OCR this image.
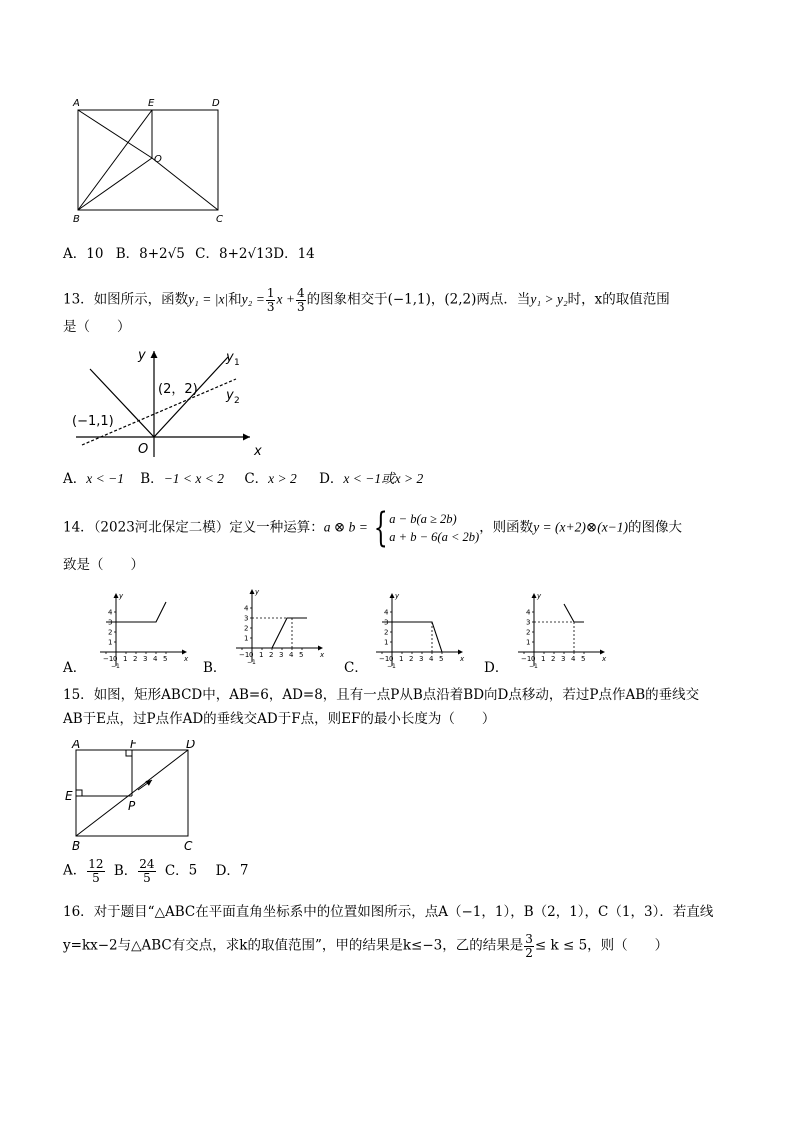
A	E	D
O
B	C
A．10 B．8+2√5 C．8+2√13D．14
13．如图所示，函数y₁ = |x|和$y_2 = \frac{1}{3}$ $x + \frac{4}{3}$ 的图象相交于(−1,1)，(2,2)两点．当y₁ > y₂时，x的取值范围
是（　　）
y
x
O
(−1,1)
(2，2)
y 1
y 2
A．x < −1 B．−1 < x < 2 C．x > 2 D．x < −1或x > 2
14．（2023河北保定二模）定义一种运算：a ⊗ b = { a − b(a ≥ 2b)
a + b − 6(a < 2b)
，则函数y = (x+2)⊗(x−1)的图像大
致是（　　）
A．	B．	C．	D．
y
x
4
3
2
1
−1 0 1 2 3 4 5
−1
y
x
4
3
2
1
−1 0 1 2 3 4 5
−1
y
x
4
3
2
1
−1 0 1 2 3 4 5
−1
y
x
4
3
2
1
−1 0 1 2 3 4 5
−1
15．如图，矩形ABCD中，AB=6，AD=8，且有一点P从B点沿着BD向D点移动，若过P点作AB的垂线交
AB于E点，过P点作AD的垂线交AD于F点，则EF的最小长度为（　　）
A	F	D
E
P
B	C
A． $\frac{12}{5}$ B． $\frac{24}{5}$ C．5 D．7
16．对于题目“△ABC在平面直角坐标系中的位置如图所示，点A（−1，1），B（2，1），C（1，3）．若直线
y=kx−2与△ABC有交点，求k的取值范围”，甲的结果是k≤−3，乙的结果是 $\frac{3}{2} \le k \le 5$，则（　　）
